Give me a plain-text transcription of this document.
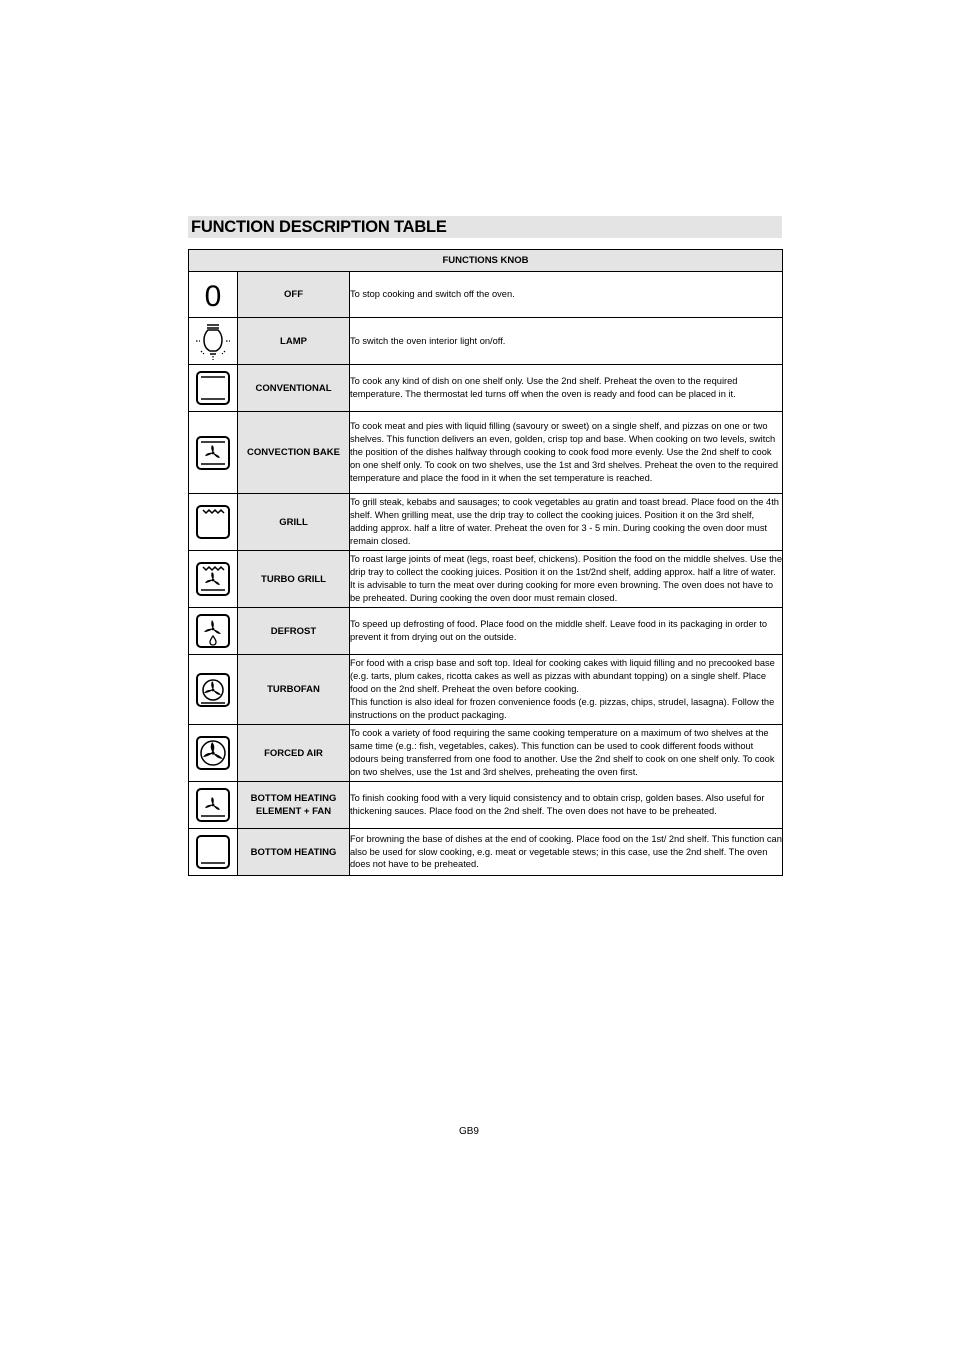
FUNCTION DESCRIPTION TABLE
FUNCTIONS KNOB		

0	OFF	To stop cooking and switch off the oven.

	LAMP	To switch the oven interior light on/off.

	CONVENTIONAL	To cook any kind of dish on one shelf only. Use the 2nd shelf. Preheat the oven to the required temperature. The thermostat led turns off when the oven is ready and food can be placed in it.

	CONVECTION BAKE	To cook meat and pies with liquid filling (savoury or sweet) on a single shelf, and pizzas on one or two shelves. This function delivers an even, golden, crisp top and base. When cooking on two levels, switch the position of the dishes halfway through cooking to cook food more evenly. Use the 2nd shelf to cook on one shelf only. To cook on two shelves, use the 1st and 3rd shelves. Preheat the oven to the required temperature and place the food in it when the set temperature is reached.

	GRILL	To grill steak, kebabs and sausages; to cook vegetables au gratin and toast bread. Place food on the 4th shelf. When grilling meat, use the drip tray to collect the cooking juices. Position it on the 3rd shelf, adding approx. half a litre of water. Preheat the oven for 3 - 5 min. During cooking the oven door must remain closed.

	TURBO GRILL	To roast large joints of meat (legs, roast beef, chickens). Position the food on the middle shelves. Use the drip tray to collect the cooking juices. Position it on the 1st/2nd shelf, adding approx. half a litre of water. It is advisable to turn the meat over during cooking for more even browning. The oven does not have to be preheated. During cooking the oven door must remain closed.

	DEFROST	To speed up defrosting of food. Place food on the middle shelf. Leave food in its packaging in order to prevent it from drying out on the outside.

	TURBOFAN	For food with a crisp base and soft top. Ideal for cooking cakes with liquid filling and no precooked base (e.g. tarts, plum cakes, ricotta cakes as well as pizzas with abundant topping) on a single shelf. Place food on the 2nd shelf. Preheat the oven before cooking.
This function is also ideal for frozen convenience foods (e.g. pizzas, chips, strudel, lasagna). Follow the instructions on the product packaging.

	FORCED AIR	To cook a variety of food requiring the same cooking temperature on a maximum of two shelves at the same time (e.g.: fish, vegetables, cakes). This function can be used to cook different foods without odours being transferred from one food to another. Use the 2nd shelf to cook on one shelf only. To cook on two shelves, use the 1st and 3rd shelves, preheating the oven first.

	BOTTOM HEATING ELEMENT + FAN	To finish cooking food with a very liquid consistency and to obtain crisp, golden bases. Also useful for thickening sauces. Place food on the 2nd shelf. The oven does not have to be preheated.

	BOTTOM HEATING	For browning the base of dishes at the end of cooking. Place food on the 1st/ 2nd shelf. This function can also be used for slow cooking, e.g. meat or vegetable stews; in this case, use the 2nd shelf. The oven does not have to be preheated.
GB9
